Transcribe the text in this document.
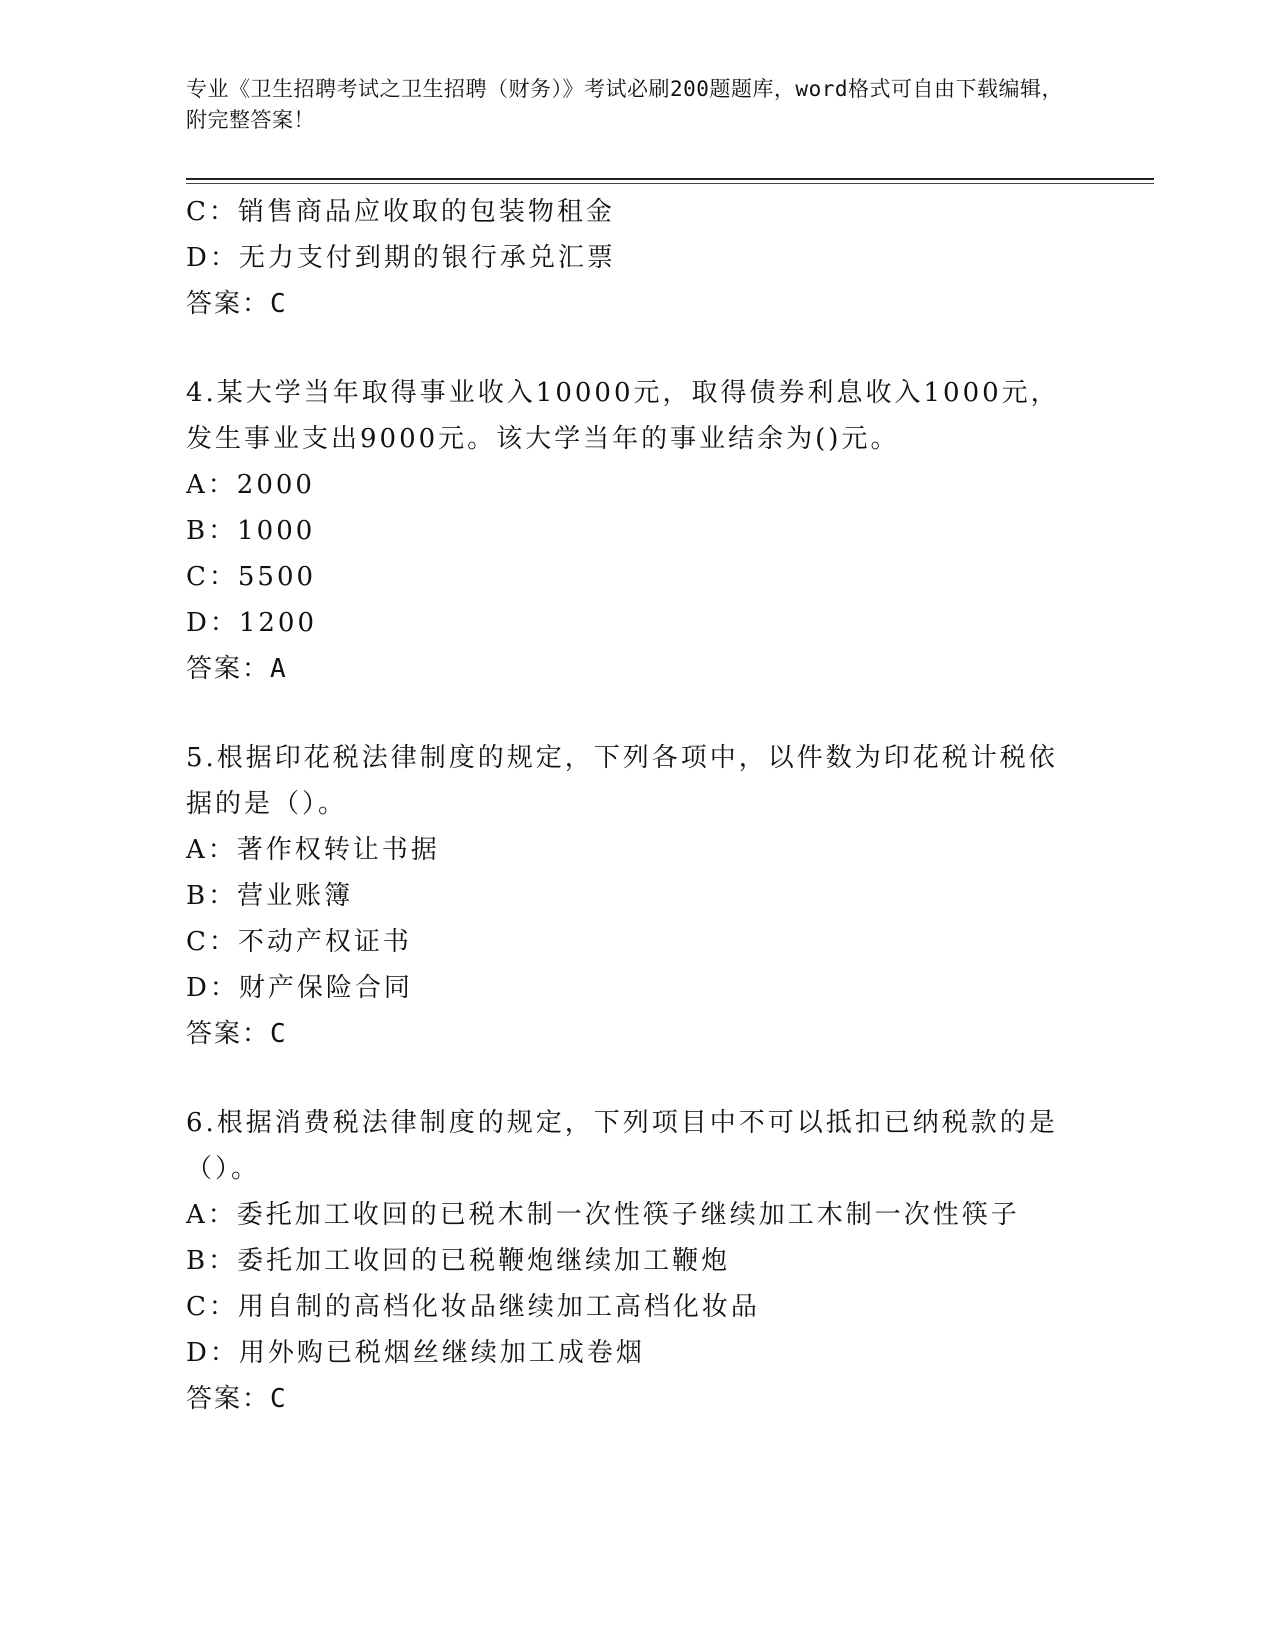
专业《卫生招聘考试之卫生招聘（财务）》考试必刷200题题库，word格式可自由下载编辑，附完整答案！
C：销售商品应收取的包装物租金
D：无力支付到期的银行承兑汇票
答案：C
4.某大学当年取得事业收入10000元，取得债券利息收入1000元，发生事业支出9000元。该大学当年的事业结余为()元。
A：2000
B：1000
C：5500
D：1200
答案：A
5.根据印花税法律制度的规定，下列各项中，以件数为印花税计税依据的是（）。
A：著作权转让书据
B：营业账簿
C：不动产权证书
D：财产保险合同
答案：C
6.根据消费税法律制度的规定，下列项目中不可以抵扣已纳税款的是（）。
A：委托加工收回的已税木制一次性筷子继续加工木制一次性筷子
B：委托加工收回的已税鞭炮继续加工鞭炮
C：用自制的高档化妆品继续加工高档化妆品
D：用外购已税烟丝继续加工成卷烟
答案：C
